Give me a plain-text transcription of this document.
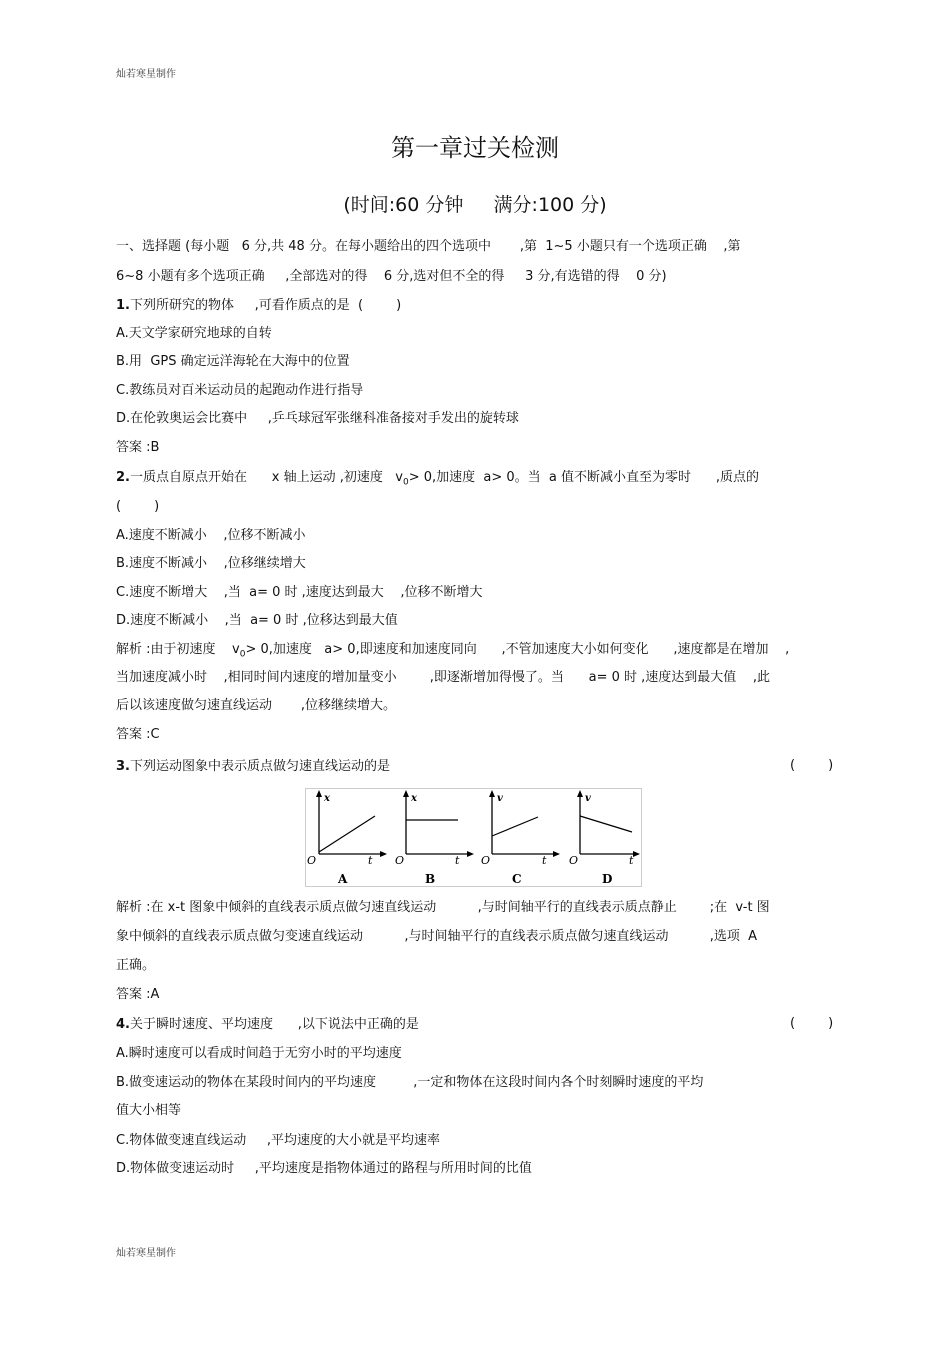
灿若寒星制作
第一章过关检测
(时间:60 分钟     满分:100 分)
一、选择题 (每小题   6 分,共 48 分。在每小题给出的四个选项中       ,第  1~5 小题只有一个选项正确    ,第
6~8 小题有多个选项正确     ,全部选对的得    6 分,选对但不全的得     3 分,有选错的得    0 分)
1.下列所研究的物体     ,可看作质点的是  (        )
A.天文学家研究地球的自转
B.用  GPS 确定远洋海轮在大海中的位置
C.教练员对百米运动员的起跑动作进行指导
D.在伦敦奥运会比赛中     ,乒乓球冠军张继科准备接对手发出的旋转球
答案 :B
2.一质点自原点开始在      x 轴上运动 ,初速度   $v_0> 0$,加速度  a> 0。当  a 值不断减小直至为零时      ,质点的
(        )
A.速度不断减小    ,位移不断减小
B.速度不断减小    ,位移继续增大
C.速度不断增大    ,当  a= 0 时 ,速度达到最大    ,位移不断增大
D.速度不断减小    ,当  a= 0 时 ,位移达到最大值
解析 :由于初速度    $v_0> 0$,加速度   a> 0,即速度和加速度同向      ,不管加速度大小如何变化      ,速度都是在增加    ,
当加速度减小时    ,相同时间内速度的增加量变小        ,即逐渐增加得慢了。当      a= 0 时 ,速度达到最大值    ,此
后以该速度做匀速直线运动       ,位移继续增大。
答案 :C
3.下列运动图象中表示质点做匀速直线运动的是	(        )
x
O	t
A
x
O	t
B
v
O	t
C
v
O	t
D
解析 :在 x-t 图象中倾斜的直线表示质点做匀速直线运动          ,与时间轴平行的直线表示质点静止        ;在  v-t 图
象中倾斜的直线表示质点做匀变速直线运动          ,与时间轴平行的直线表示质点做匀速直线运动          ,选项  A
正确。
答案 :A
4.关于瞬时速度、平均速度      ,以下说法中正确的是	(        )
A.瞬时速度可以看成时间趋于无穷小时的平均速度
B.做变速运动的物体在某段时间内的平均速度         ,一定和物体在这段时间内各个时刻瞬时速度的平均
值大小相等
C.物体做变速直线运动     ,平均速度的大小就是平均速率
D.物体做变速运动时     ,平均速度是指物体通过的路程与所用时间的比值
灿若寒星制作
